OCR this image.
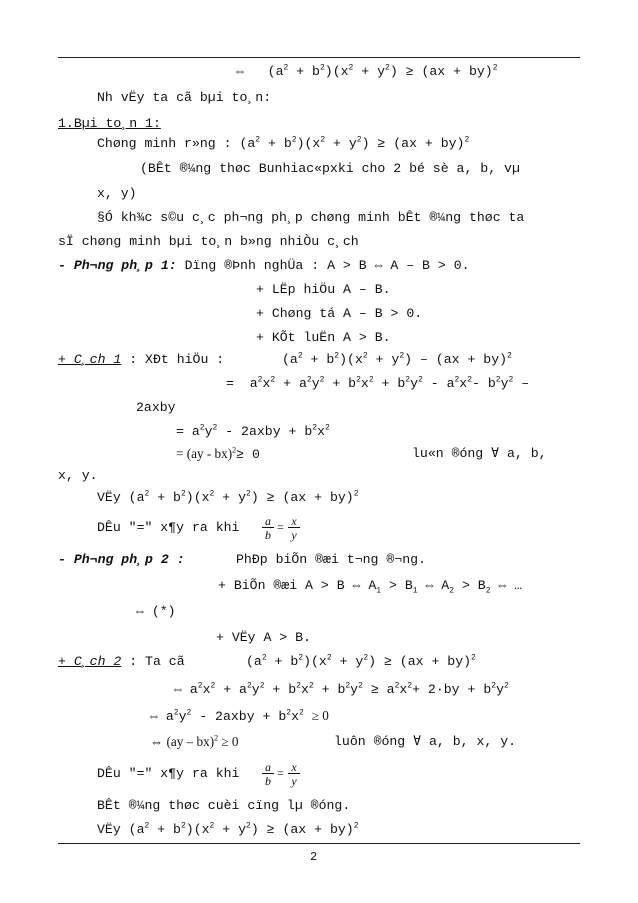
⇔   $(a^2 + b^2)(x^2 + y^2) \ge (ax + by)^2$
Nh vËy ta cã bµi to¸n:
1.Bµi to¸n 1:
Chøng minh r»ng : $(a^2 + b^2)(x^2 + y^2) \ge (ax + by)^2$
(BÊt ®¼ng thøc Bunhiac«pxki cho 2 bé sè a, b, vµ
x, y)
§Ó kh¾c s©u c¸c ph¬ng ph¸p chøng minh bÊt ®¼ng thøc ta
sÏ chøng minh bµi to¸n b»ng nhiÒu c¸ch
- Ph¬ng ph¸p 1: Dïng ®Þnh nghÜa : A > B ⇔ A – B > 0.
+ LËp hiÖu A – B.
+ Chøng tá A – B > 0.
+ KÕt luËn A > B.
+ C¸ch 1 : XÐt hiÖu :	$(a^2 + b^2)(x^2 + y^2) - (ax + by)^2$
=  $a^2x^2 + a^2y^2 + b^2x^2 + b^2y^2 - a^2x^2-$ $b^2y^2$ –
2axby
= $a^2y^2$ - 2axby + $b^2x^2$
= (ay - bx)$^2$≥ 0	lu«n ®óng ∀ a, b,
x, y.
VËy $(a^2 + b^2)(x^2 + y^2) \ge (ax + by)^2$
DÊu "=" x¶y ra khi a
b
= x
y
- Ph¬ng ph¸p 2 :	PhÐp biÕn ®æi t¬ng ®¬ng.
+ BiÕn ®æi A > B ⇔ $A_1 > B_1$ ⇔ $A_2 > B_2$ ⇔ …
⇔ (*)
+ VËy A > B.
+ C¸ch 2 : Ta cã	$(a^2 + b^2)(x^2 + y^2) \ge (ax + by)^2$
⇔ $a^2x^2 + a^2y^2 + b^2x^2 + b^2y^2 \ge a^2x^2+ 2\cdot by + b^2y^2$
⇔ $a^2y^2$ - 2axby + $b^2x^2 \ge 0$
⇔ (ay – bx)$^2$ ≥ 0	luôn ®óng ∀ a, b, x, y.
DÊu "=" x¶y ra khi a
b
= x
y
BÊt ®¼ng thøc cuèi cïng lµ ®óng.
VËy $(a^2 + b^2)(x^2 + y^2) \ge (ax + by)^2$
2
